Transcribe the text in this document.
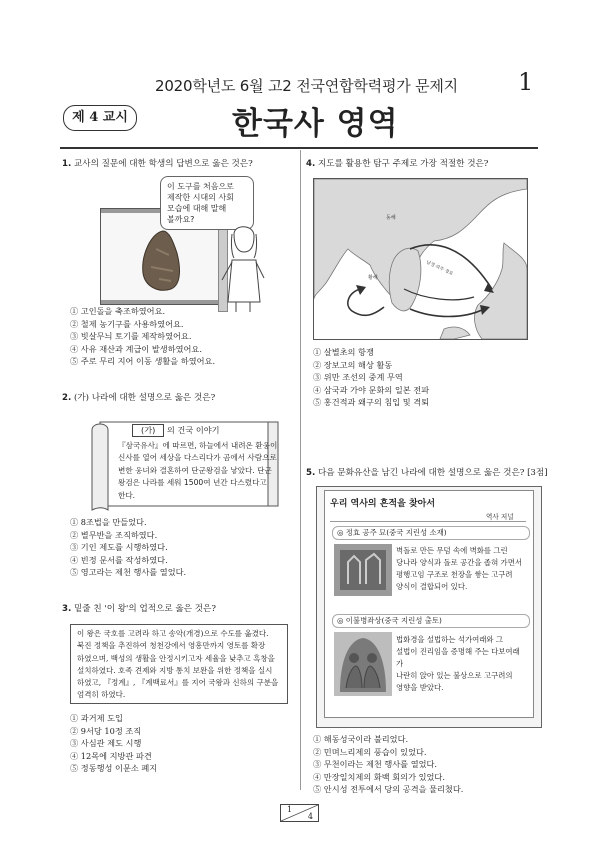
2020학년도 6월 고2 전국연합학력평가 문제지	1
제 4 교시	한국사 영역
1. 교사의 질문에 대한 학생의 답변으로 옳은 것은?
이 도구를 처음으로
제작한 시대의 사회
모습에 대해 말해
볼까요?
① 고인돌을 축조하였어요.
② 철제 농기구를 사용하였어요.
③ 빗살무늬 토기를 제작하였어요.
④ 사유 재산과 계급이 발생하였어요.
⑤ 주로 무리 지어 이동 생활을 하였어요.
2. (가) 나라에 대한 설명으로 옳은 것은?
(가) 의 건국 이야기
『삼국유사』에 따르면, 하늘에서 내려온 환웅이
신사를 열어 세상을 다스리다가 곰에서 사람으로
변한 웅녀와 결혼하여 단군왕검을 낳았다. 단군
왕검은 나라를 세워 1500여 년간 다스렸다고
한다.
① 8조법을 만들었다.
② 별무반을 조직하였다.
③ 기인 제도를 시행하였다.
④ 빈정 문서를 작성하였다.
⑤ 영고라는 제천 행사를 열었다.
3. 밑줄 친 '이 왕'의 업적으로 옳은 것은?
이 왕은 국호를 고려라 하고 송악(개경)으로 수도를 옮겼다.
북진 정책을 추진하여 청천강에서 영흥만까지 영토를 확장
하였으며, 백성의 생활을 안정시키고자 세율을 낮추고 흑창을
설치하였다. 호족 견제와 지방 통치 보완을 위한 정책을 실시
하였고, 『정계』, 『계백료서』를 지어 국왕과 신하의 구분을
엄격히 하였다.
① 과거제 도입
② 9서당 10정 조직
③ 사심관 제도 시행
④ 12목에 지방관 파견
⑤ 정동행성 이문소 폐지
4. 지도를 활용한 탐구 주제로 가장 적절한 것은?
동해
황해
남경 의주 경로
① 살별초의 항쟁
② 장보고의 해상 활동
③ 위만 조선의 중계 무역
④ 삼국과 가야 문화의 일본 전파
⑤ 홍건적과 왜구의 침입 및 격퇴
5. 다음 문화유산을 남긴 나라에 대한 설명으로 옳은 것은? [3점]
우리 역사의 흔적을 찾아서
역사 저널
◎ 정효 공주 묘(중국 지린성 소재)
벽돌로 만든 무덤 속에 벽화를 그린
당나라 양식과 돌로 공간을 좁혀 가면서
평행고임 구조로 천장을 쌓는 고구려
양식이 결합되어 있다.
◎ 이불병좌상(중국 지린성 출토)
법화경을 설법하는 석가여래와 그
설법이 진리임을 증명해 주는 다보여래가
나란히 앉아 있는 불상으로 고구려의
영향을 받았다.
① 해동성국이라 불리었다.
② 민며느리제의 풍습이 있었다.
③ 무천이라는 제천 행사를 열었다.
④ 만장일치제의 화백 회의가 있었다.
⑤ 안시성 전투에서 당의 공격을 물리쳤다.
1
4
